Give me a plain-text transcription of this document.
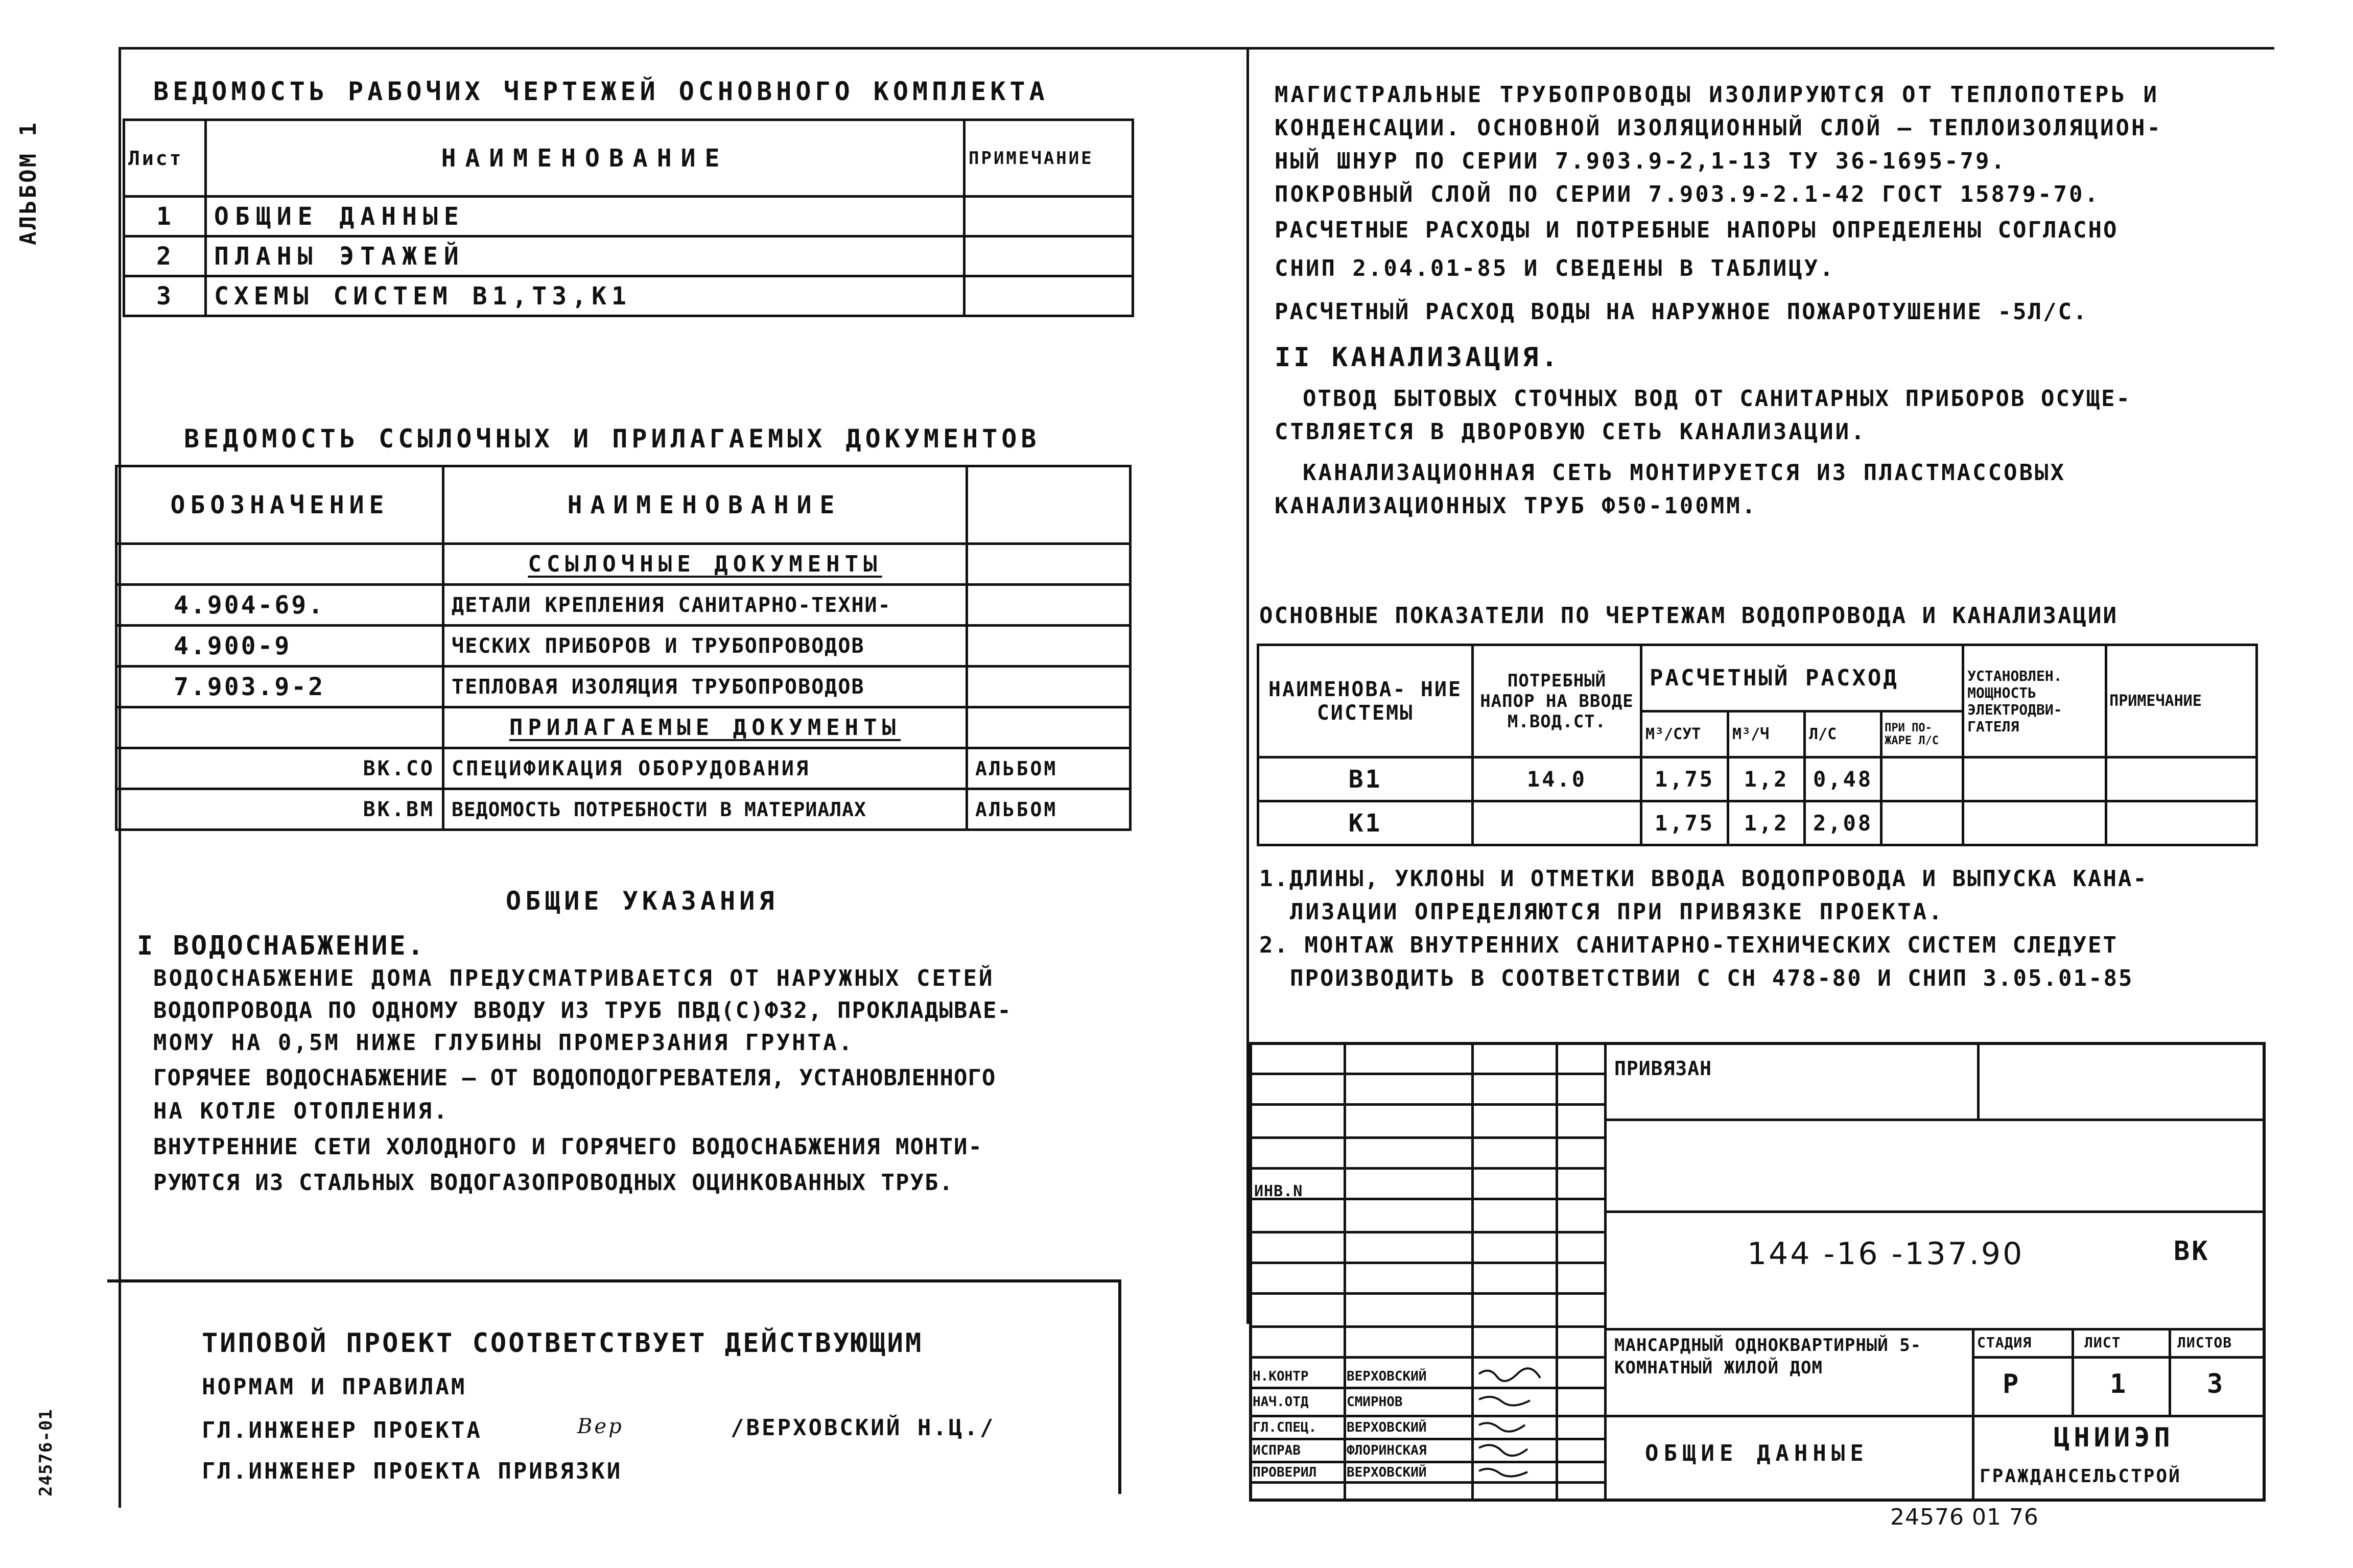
АЛЬБОМ 1
24576-01
ВЕДОМОСТЬ РАБОЧИХ ЧЕРТЕЖЕЙ ОСНОВНОГО КОМПЛЕКТА
Лист	НАИМЕНОВАНИЕ	ПРИМЕЧАНИЕ
1	ОБЩИЕ ДАННЫЕ	
2	ПЛАНЫ ЭТАЖЕЙ	
3	СХЕМЫ СИСТЕМ В1,Т3,К1	
ВЕДОМОСТЬ ССЫЛОЧНЫХ И ПРИЛАГАЕМЫХ ДОКУМЕНТОВ
ОБОЗНАЧЕНИЕ	НАИМЕНОВАНИЕ	
	ССЫЛОЧНЫЕ ДОКУМЕНТЫ	
4.904-69.	ДЕТАЛИ КРЕПЛЕНИЯ САНИТАРНО-ТЕХНИ-	
4.900-9	ЧЕСКИХ ПРИБОРОВ И ТРУБОПРОВОДОВ	
7.903.9-2	ТЕПЛОВАЯ ИЗОЛЯЦИЯ ТРУБОПРОВОДОВ	
	ПРИЛАГАЕМЫЕ ДОКУМЕНТЫ	
ВК.СО	СПЕЦИФИКАЦИЯ ОБОРУДОВАНИЯ	АЛЬБОМ
ВК.ВМ	ВЕДОМОСТЬ ПОТРЕБНОСТИ В МАТЕРИАЛАХ	АЛЬБОМ
ОБЩИЕ УКАЗАНИЯ
I ВОДОСНАБЖЕНИЕ.
ВОДОСНАБЖЕНИЕ ДОМА ПРЕДУСМАТРИВАЕТСЯ ОТ НАРУЖНЫХ СЕТЕЙ
ВОДОПРОВОДА ПО ОДНОМУ ВВОДУ ИЗ ТРУБ ПВД(С)Ф32, ПРОКЛАДЫВАЕ-
МОМУ НА 0,5М НИЖЕ ГЛУБИНЫ ПРОМЕРЗАНИЯ ГРУНТА.
ГОРЯЧЕЕ ВОДОСНАБЖЕНИЕ – ОТ ВОДОПОДОГРЕВАТЕЛЯ, УСТАНОВЛЕННОГО
НА КОТЛЕ ОТОПЛЕНИЯ.
ВНУТРЕННИЕ СЕТИ ХОЛОДНОГО И ГОРЯЧЕГО ВОДОСНАБЖЕНИЯ МОНТИ-
РУЮТСЯ ИЗ СТАЛЬНЫХ ВОДОГАЗОПРОВОДНЫХ ОЦИНКОВАННЫХ ТРУБ.
ТИПОВОЙ ПРОЕКТ СООТВЕТСТВУЕТ ДЕЙСТВУЮЩИМ
НОРМАМ И ПРАВИЛАМ
ГЛ.ИНЖЕНЕР ПРОЕКТА	Вер	/ВЕРХОВСКИЙ Н.Ц./
ГЛ.ИНЖЕНЕР ПРОЕКТА ПРИВЯЗКИ
МАГИСТРАЛЬНЫЕ ТРУБОПРОВОДЫ ИЗОЛИРУЮТСЯ ОТ ТЕПЛОПОТЕРЬ И
КОНДЕНСАЦИИ. ОСНОВНОЙ ИЗОЛЯЦИОННЫЙ СЛОЙ – ТЕПЛОИЗОЛЯЦИОН-
НЫЙ ШНУР ПО СЕРИИ 7.903.9-2,1-13 ТУ 36-1695-79.
ПОКРОВНЫЙ СЛОЙ ПО СЕРИИ 7.903.9-2.1-42 ГОСТ 15879-70.
РАСЧЕТНЫЕ РАСХОДЫ И ПОТРЕБНЫЕ НАПОРЫ ОПРЕДЕЛЕНЫ СОГЛАСНО
СНИП 2.04.01-85 И СВЕДЕНЫ В ТАБЛИЦУ.
РАСЧЕТНЫЙ РАСХОД ВОДЫ НА НАРУЖНОЕ ПОЖАРОТУШЕНИЕ -5Л/С.
II КАНАЛИЗАЦИЯ.
ОТВОД БЫТОВЫХ СТОЧНЫХ ВОД ОТ САНИТАРНЫХ ПРИБОРОВ ОСУЩЕ-
СТВЛЯЕТСЯ В ДВОРОВУЮ СЕТЬ КАНАЛИЗАЦИИ.
КАНАЛИЗАЦИОННАЯ СЕТЬ МОНТИРУЕТСЯ ИЗ ПЛАСТМАССОВЫХ
КАНАЛИЗАЦИОННЫХ ТРУБ Ф50-100ММ.
ОСНОВНЫЕ ПОКАЗАТЕЛИ ПО ЧЕРТЕЖАМ ВОДОПРОВОДА И КАНАЛИЗАЦИИ
НАИМЕНОВА- НИЕ СИСТЕМЫ	ПОТРЕБНЫЙ НАПОР НА ВВОДЕ М.ВОД.СТ.	РАСЧЕТНЫЙ РАСХОД				УСТАНОВЛЕН. МОЩНОСТЬ ЭЛЕКТРОДВИ- ГАТЕЛЯ	ПРИМЕЧАНИЕ
		М³/СУТ	М³/Ч	Л/С	ПРИ ПО- ЖАРЕ Л/С		
В1	14.0	1,75	1,2	0,48			
К1		1,75	1,2	2,08			
1.ДЛИНЫ, УКЛОНЫ И ОТМЕТКИ ВВОДА ВОДОПРОВОДА И ВЫПУСКА КАНА-
ЛИЗАЦИИ ОПРЕДЕЛЯЮТСЯ ПРИ ПРИВЯЗКЕ ПРОЕКТА.
2. МОНТАЖ ВНУТРЕННИХ САНИТАРНО-ТЕХНИЧЕСКИХ СИСТЕМ СЛЕДУЕТ
ПРОИЗВОДИТЬ В СООТВЕТСТВИИ С СН 478-80 И СНИП 3.05.01-85
ПРИВЯЗАН
ИНВ.N
144 -16 -137.90	ВК
МАНСАРДНЫЙ ОДНОКВАРТИРНЫЙ 5-КОМНАТНЫЙ ЖИЛОЙ ДОМ
ОБЩИЕ ДАННЫЕ
СТАДИЯ	ЛИСТ	ЛИСТОВ
Р	1	3
ЦНИИЭП
ГРАЖДАНСЕЛЬСТРОЙ
Н.КОНТР	ВЕРХОВСКИЙ
НАЧ.ОТД	СМИРНОВ
ГЛ.СПЕЦ. ВЕРХОВСКИЙ
ИСПРАВ	ФЛОРИНСКАЯ
ПРОВЕРИЛ ВЕРХОВСКИЙ
24576 01 76
